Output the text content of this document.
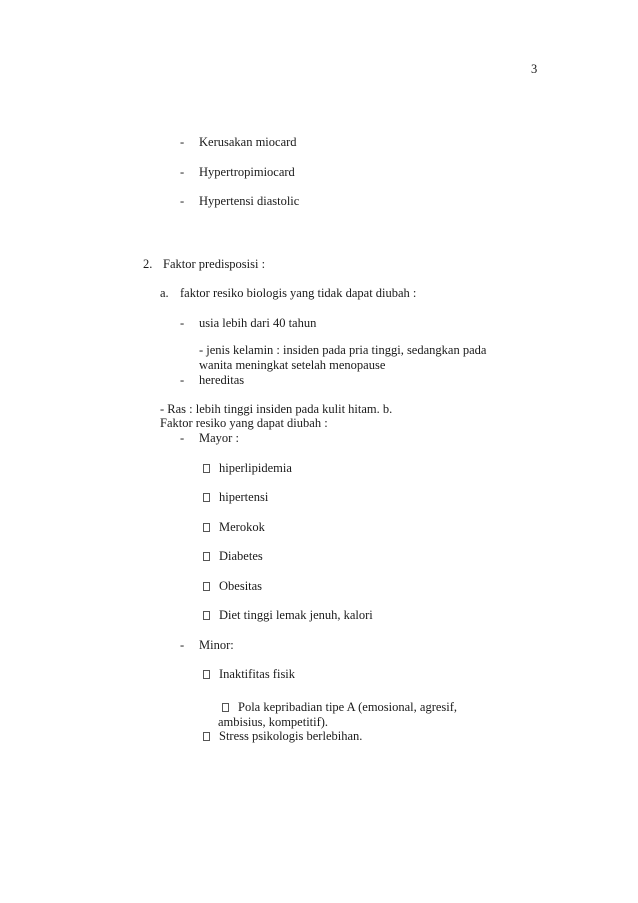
3
- Kerusakan miocard
- Hypertropimiocard
- Hypertensi diastolic
2. Faktor predisposisi :
a. faktor resiko biologis yang tidak dapat diubah :
- usia lebih dari 40 tahun
- jenis kelamin : insiden pada pria tinggi, sedangkan pada
wanita meningkat setelah menopause
- hereditas
- Ras : lebih tinggi insiden pada kulit hitam. b.
Faktor resiko yang dapat diubah :
- Mayor :
hiperlipidemia
hipertensi
Merokok
Diabetes
Obesitas
Diet tinggi lemak jenuh, kalori
- Minor:
Inaktifitas fisik
Pola kepribadian tipe A (emosional, agresif,
ambisius, kompetitif).
Stress psikologis berlebihan.
